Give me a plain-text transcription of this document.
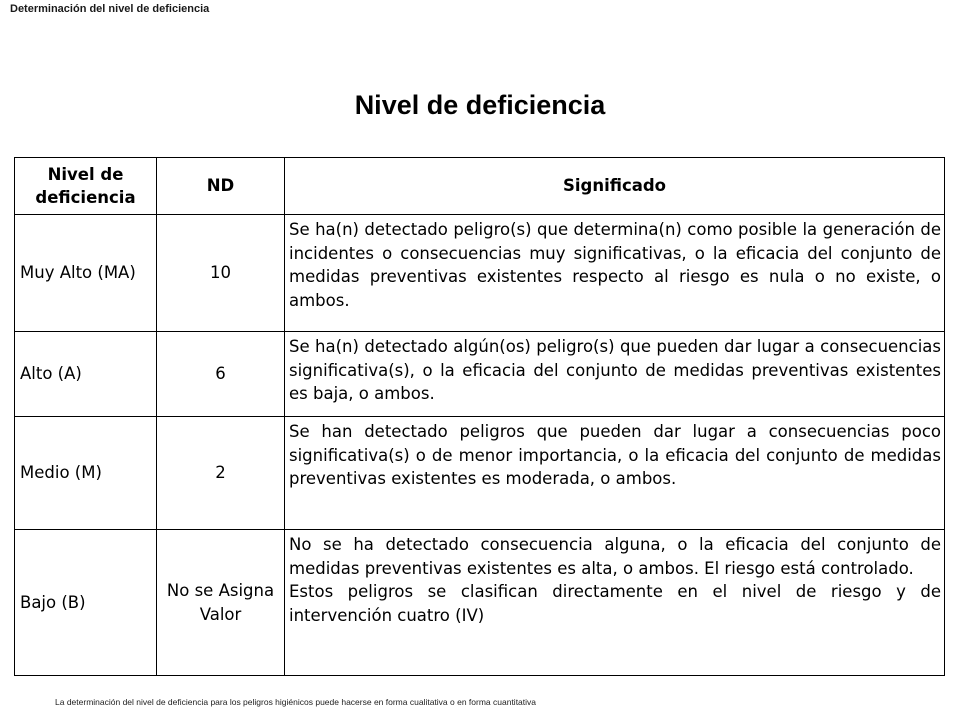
Determinación del nivel de deficiencia
Nivel de deficiencia
Nivel de deficiencia	ND	Significado
Muy Alto (MA)	10	Se ha(n) detectado peligro(s) que determina(n) como posible la generación de incidentes o consecuencias muy significativas, o la eficacia del conjunto de medidas preventivas existentes respecto al riesgo es nula o no existe, o ambos.
Alto (A)	6	Se ha(n) detectado algún(os) peligro(s) que pueden dar lugar a consecuencias significativa(s), o la eficacia del conjunto de medidas preventivas existentes es baja, o ambos.
Medio (M)	2	Se han detectado peligros que pueden dar lugar a consecuencias poco significativa(s) o de menor importancia, o la eficacia del conjunto de medidas preventivas existentes es moderada, o ambos.
Bajo (B)	No se Asigna Valor	No se ha detectado consecuencia alguna, o la eficacia del conjunto de medidas preventivas existentes es alta, o ambos. El riesgo está controlado.
Estos peligros se clasifican directamente en el nivel de riesgo y de intervención cuatro (IV)
La determinación del nivel de deficiencia para los peligros higiénicos puede hacerse en forma cualitativa o en forma cuantitativa
